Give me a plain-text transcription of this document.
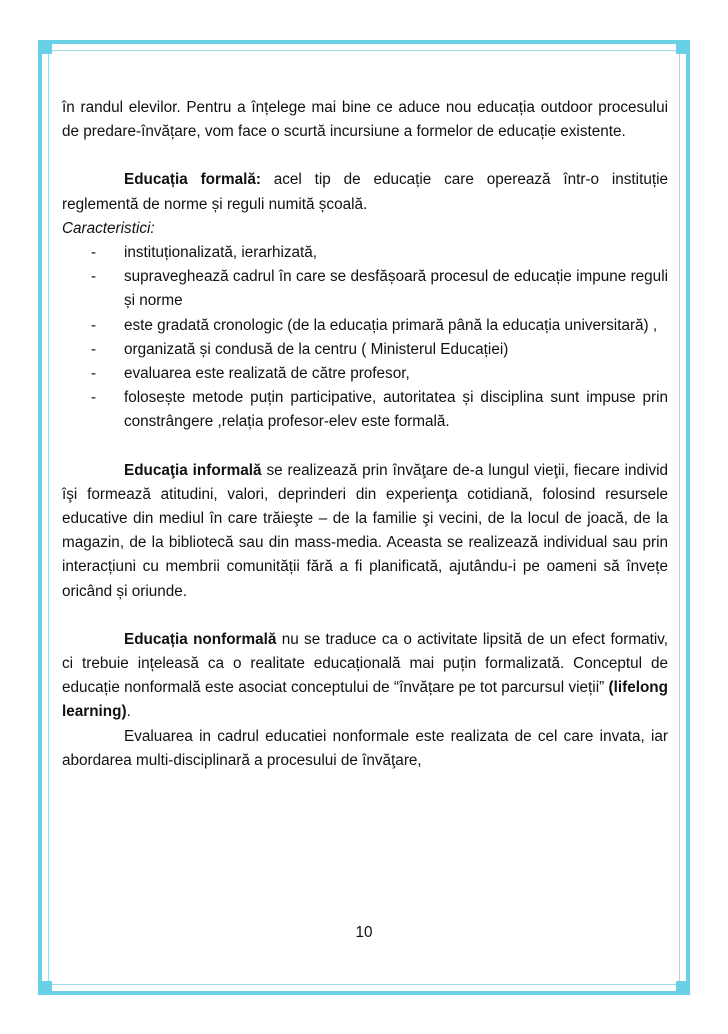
în randul elevilor. Pentru a înțelege mai bine ce aduce nou educația outdoor procesului de predare-învățare, vom face o scurtă incursiune a formelor de educație existente.

Educația formală: acel tip de educație care operează într-o instituție reglementă de norme și reguli numită școală.

Caracteristici:

- instituționalizată, ierarhizată,
- supraveghează cadrul în care se desfășoară procesul de educație impune reguli și norme
- este gradată cronologic (de la educația primară până la educația universitară) ,
- organizată și condusă de la centru ( Ministerul Educației)
- evaluarea este realizată de către profesor,
- folosește metode puțin participative, autoritatea și disciplina sunt impuse prin constrângere ,relația profesor-elev este formală.

Educaţia informală se realizează prin învăţare de-a lungul vieţii, fiecare individ îşi formează atitudini, valori, deprinderi din experienţa cotidiană, folosind resursele educative din mediul în care trăieşte – de la familie şi vecini, de la locul de joacă, de la magazin, de la bibliotecă sau din mass-media. Aceasta se realizează individual sau prin interacțiuni cu membrii comunității fără a fi planificată, ajutându-i pe oameni să învețe oricând și oriunde.

Educația nonformală nu se traduce ca o activitate lipsită de un efect formativ, ci trebuie ințeleasă ca o realitate educațională mai puțin formalizată. Conceptul de educație nonformală este asociat conceptului de “învățare pe tot parcursul vieții” (lifelong learning).

Evaluarea in cadrul educatiei nonformale este realizata de cel care invata, iar abordarea multi-disciplinară a procesului de învăţare,

10
